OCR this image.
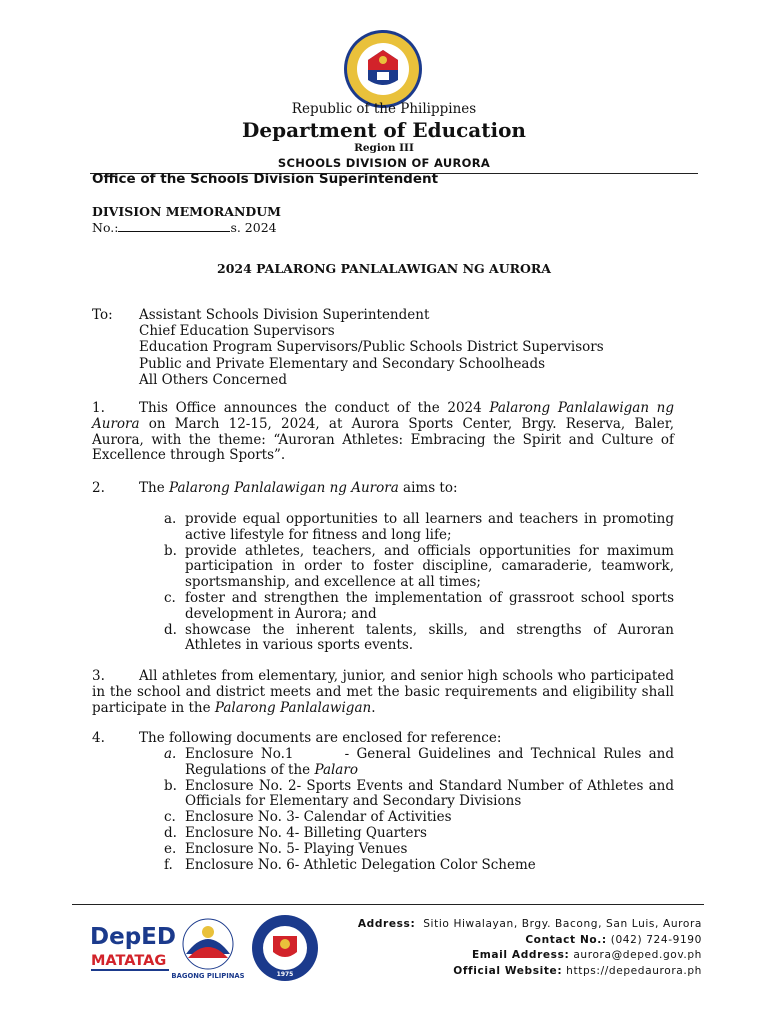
Republic of the Philippines
Department of Education
Region III
SCHOOLS DIVISION OF AURORA
Office of the Schools Division Superintendent
DIVISION MEMORANDUM
No.:	s. 2024
2024 PALARONG PANLALAWIGAN NG AURORA
To: Assistant Schools Division Superintendent
Chief Education Supervisors
Education Program Supervisors/Public Schools District Supervisors
Public and Private Elementary and Secondary Schoolheads
All Others Concerned
1.	This Office announces the conduct of the 2024 Palarong Panlalawigan ng Aurora on March 12-15, 2024, at Aurora Sports Center, Brgy. Reserva, Baler, Aurora, with the theme: “Auroran Athletes: Embracing the Spirit and Culture of Excellence through Sports”.
2.	The Palarong Panlalawigan ng Aurora aims to:
a. provide equal opportunities to all learners and teachers in promoting active lifestyle for fitness and long life;
b. provide athletes, teachers, and officials opportunities for maximum participation in order to foster discipline, camaraderie, teamwork, sportsmanship, and excellence at all times;
c. foster and strengthen the implementation of grassroot school sports development in Aurora; and
d. showcase the inherent talents, skills, and strengths of Auroran Athletes in various sports events.
3.	All athletes from elementary, junior, and senior high schools who participated in the school and district meets and met the basic requirements and eligibility shall participate in the Palarong Panlalawigan.
4.	The following documents are enclosed for reference:
a. Enclosure No.1       - General Guidelines and Technical Rules and Regulations of the Palaro
b. Enclosure No. 2- Sports Events and Standard Number of Athletes and Officials for Elementary and Secondary Divisions
c. Enclosure No. 3- Calendar of Activities
d. Enclosure No. 4- Billeting Quarters
e. Enclosure No. 5- Playing Venues
f. Enclosure No. 6- Athletic Delegation Color Scheme
DepED
MATATAG
BAGONG PILIPINAS	1975
Address: Sitio Hiwalayan, Brgy. Bacong, San Luis, Aurora
Contact No.: (042) 724-9190
Email Address: aurora@deped.gov.ph
Official Website: https://depedaurora.ph
